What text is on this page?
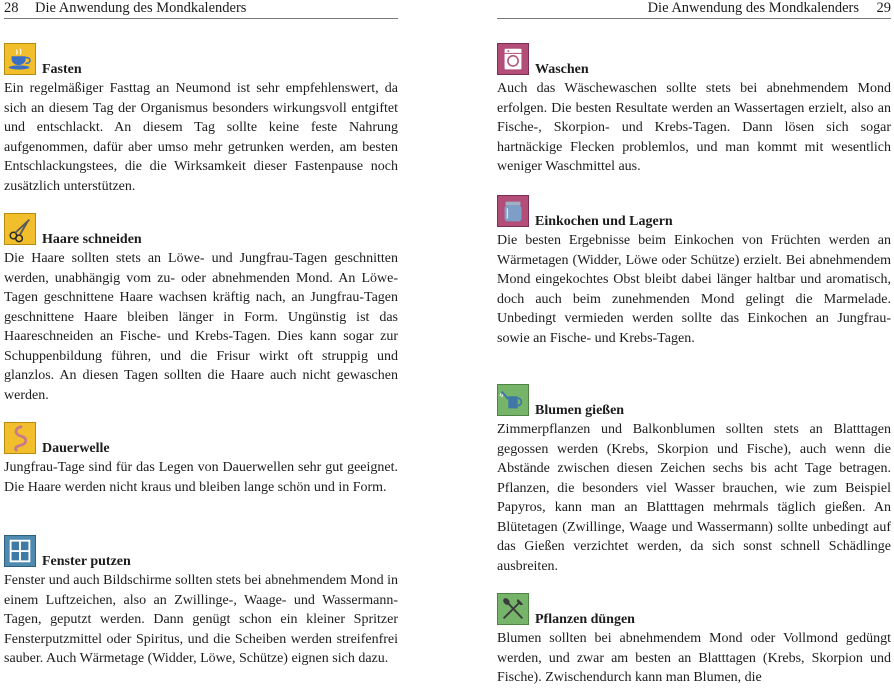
28 Die Anwendung des Mondkalenders
Fasten

Ein regelmäßiger Fasttag an Neumond ist sehr empfehlenswert, da sich an diesem Tag der Organismus besonders wirkungsvoll entgiftet und entschlackt. An diesem Tag sollte keine feste Nahrung aufgenommen, dafür aber umso mehr getrunken werden, am besten Entschlackungstees, die die Wirksamkeit dieser Fastenpause noch zusätzlich unterstützen.

Haare schneiden

Die Haare sollten stets an Löwe- und Jungfrau-Tagen geschnitten werden, unabhängig vom zu- oder abnehmenden Mond. An Löwe-Tagen geschnittene Haare wachsen kräftig nach, an Jungfrau-Tagen geschnittene Haare bleiben länger in Form. Ungünstig ist das Haareschneiden an Fische- und Krebs-Tagen. Dies kann sogar zur Schuppenbildung führen, und die Frisur wirkt oft struppig und glanzlos. An diesen Tagen sollten die Haare auch nicht gewaschen werden.

Dauerwelle

Jungfrau-Tage sind für das Legen von Dauerwellen sehr gut geeignet. Die Haare werden nicht kraus und bleiben lange schön und in Form.

Fenster putzen

Fenster und auch Bildschirme sollten stets bei abnehmendem Mond in einem Luftzeichen, also an Zwillinge-, Waage- und Wassermann-Tagen, geputzt werden. Dann genügt schon ein kleiner Spritzer Fensterputzmittel oder Spiritus, und die Scheiben werden streifenfrei sauber. Auch Wärmetage (Widder, Löwe, Schütze) eignen sich dazu.

Die Anwendung des Mondkalenders 29
Waschen

Auch das Wäschewaschen sollte stets bei abnehmendem Mond erfolgen. Die besten Resultate werden an Wassertagen erzielt, also an Fische-, Skorpion- und Krebs-Tagen. Dann lösen sich sogar hartnäckige Flecken problemlos, und man kommt mit wesentlich weniger Waschmittel aus.

Einkochen und Lagern

Die besten Ergebnisse beim Einkochen von Früchten werden an Wärmetagen (Widder, Löwe oder Schütze) erzielt. Bei abnehmendem Mond eingekochtes Obst bleibt dabei länger haltbar und aromatisch, doch auch beim zunehmenden Mond gelingt die Marmelade. Unbedingt vermieden werden sollte das Einkochen an Jungfrau- sowie an Fische- und Krebs-Tagen.

Blumen gießen

Zimmerpflanzen und Balkonblumen sollten stets an Blatttagen gegossen werden (Krebs, Skorpion und Fische), auch wenn die Abstände zwischen diesen Zeichen sechs bis acht Tage betragen. Pflanzen, die besonders viel Wasser brauchen, wie zum Beispiel Papyros, kann man an Blatttagen mehrmals täglich gießen. An Blütetagen (Zwillinge, Waage und Wassermann) sollte unbedingt auf das Gießen verzichtet werden, da sich sonst schnell Schädlinge ausbreiten.

Pflanzen düngen

Blumen sollten bei abnehmendem Mond oder Vollmond gedüngt werden, und zwar am besten an Blatttagen (Krebs, Skorpion und Fische). Zwischendurch kann man Blumen, die
